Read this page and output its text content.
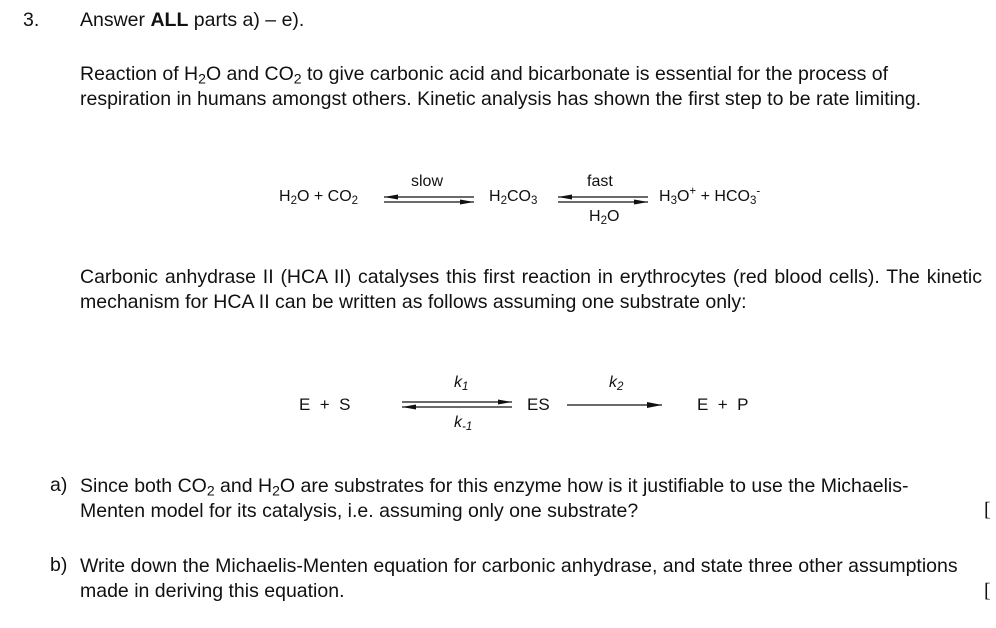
3. Answer ALL parts a) – e).
Reaction of $H_2O$ and $CO_2$ to give carbonic acid and bicarbonate is essential for the process of respiration in humans amongst others. Kinetic analysis has shown the first step to be rate limiting.
$H_2O + CO_2$
slow
$H_2CO_3$
fast
$H_2O$
$H_3O^+ + HCO_3^-$
Carbonic anhydrase II (HCA II) catalyses this first reaction in erythrocytes (red blood cells). The kinetic mechanism for HCA II can be written as follows assuming one substrate only:
E  +  S
$k_1$
$k_{-1}$
ES
$k_2$
E  +  P
a) Since both $CO_2$ and $H_2O$ are substrates for this enzyme how is it justifiable to use the Michaelis-Menten model for its catalysis, i.e. assuming only one substrate?	[
b) Write down the Michaelis-Menten equation for carbonic anhydrase, and state three other assumptions made in deriving this equation.	[
